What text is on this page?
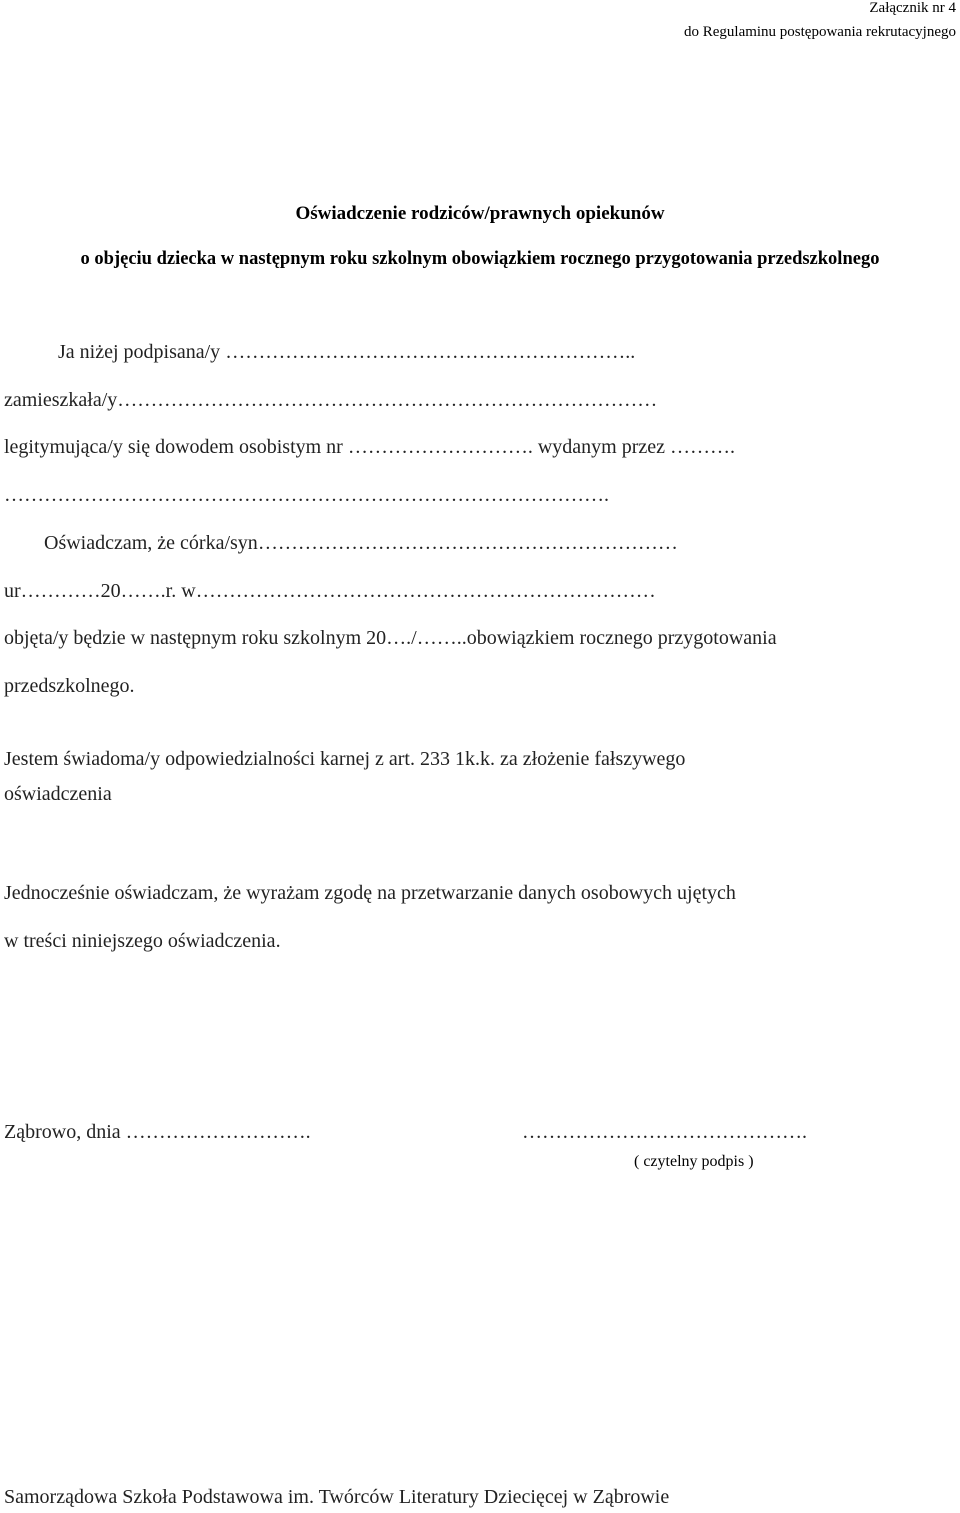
Załącznik nr 4
do Regulaminu postępowania rekrutacyjnego
Oświadczenie rodziców/prawnych opiekunów
o objęciu dziecka w następnym roku szkolnym obowiązkiem rocznego przygotowania przedszkolnego
Ja niżej podpisana/y ……………………………………………………..
zamieszkała/y………………………………………………………………………
legitymująca/y się dowodem osobistym nr ………………………. wydanym przez ……….
……………………………………………………………………………….
Oświadczam, że córka/syn………………………………………………………
ur…………20…….r. w……………………………………………………………
objęta/y będzie w następnym roku szkolnym 20…./……..obowiązkiem rocznego przygotowania
przedszkolnego.
Jestem świadoma/y odpowiedzialności karnej z art. 233 1k.k. za złożenie fałszywego
oświadczenia
Jednocześnie oświadczam, że wyrażam zgodę na przetwarzanie danych osobowych ujętych
w treści niniejszego oświadczenia.
Ząbrowo, dnia ……………………….	…………………………………….
( czytelny podpis )
Samorządowa Szkoła Podstawowa im. Twórców Literatury Dziecięcej w Ząbrowie
